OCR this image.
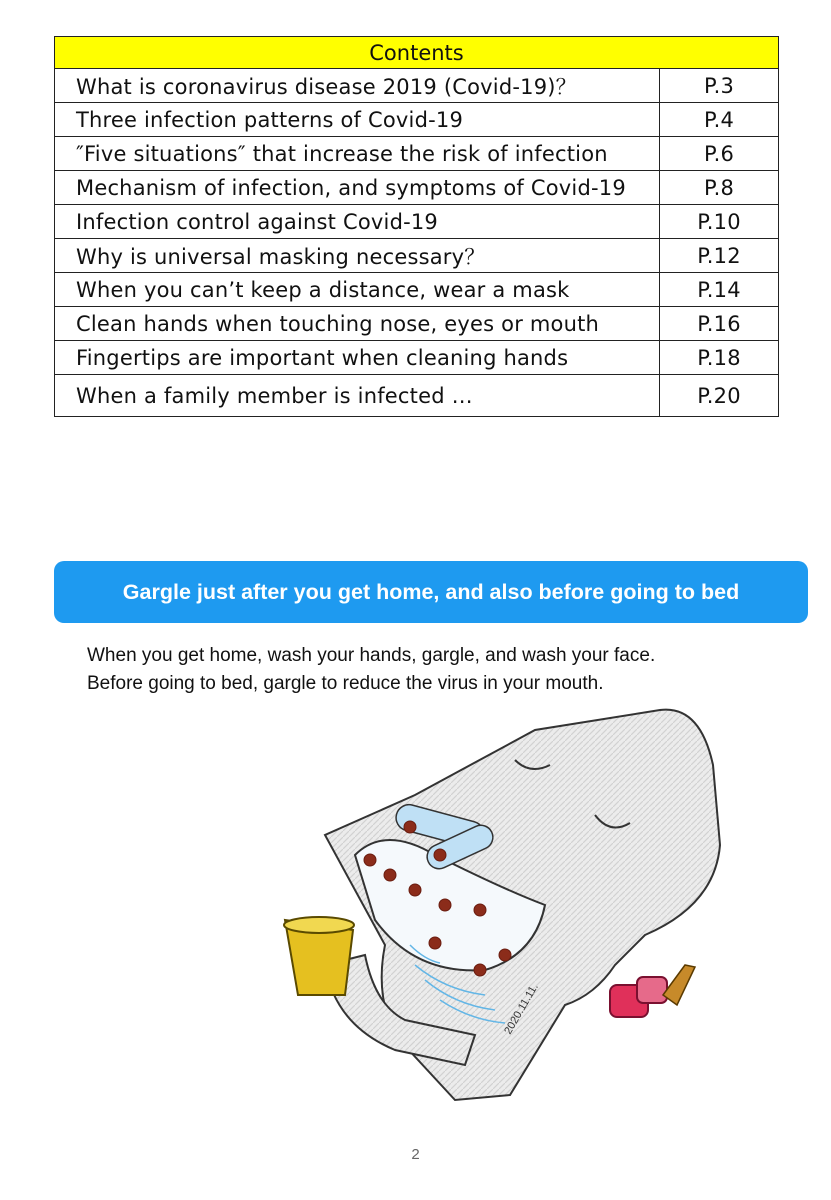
Contents	
What is coronavirus disease 2019 (Covid-19)？	P.3
Three infection patterns of Covid-19	P.4
″Five situations″ that increase the risk of infection	P.6
Mechanism of infection, and symptoms of Covid-19	P.8
Infection control against Covid-19	P.10
Why is universal masking necessary？	P.12
When you can’t keep a distance, wear a mask	P.14
Clean hands when touching nose, eyes or mouth	P.16
Fingertips are important when cleaning hands	P.18
When a family member is infected …	P.20
Gargle just after you get home, and also before going to bed
When you get home, wash your hands, gargle, and wash your face.
Before going to bed, gargle to reduce the virus in your mouth.
2020.11.11.
2
